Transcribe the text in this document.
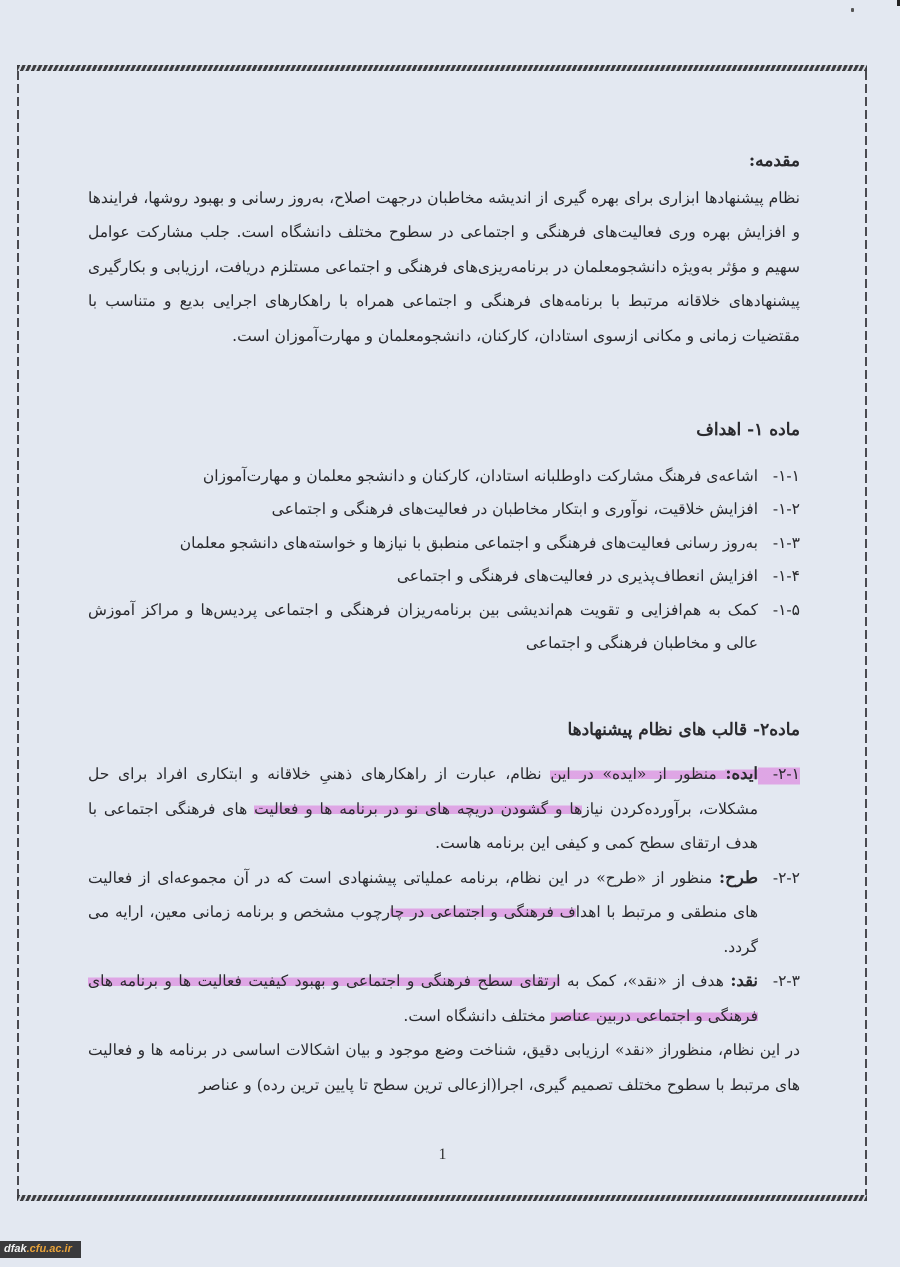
مقدمه:

نظام پیشنهادها ابزاری برای بهره گیری از اندیشه مخاطبان درجهت اصلاح، به‌روز رسانی و بهبود روشها، فرایندها و افزایش بهره وری فعالیت‌های فرهنگی و اجتماعی در سطوح مختلف دانشگاه است. جلب مشارکت عوامل سهیم و مؤثر به‌ویژه دانشجومعلمان در برنامه‌ریزی‌های فرهنگی و اجتماعی مستلزم دریافت، ارزیابی و بکارگیری پیشنهادهای خلاقانه مرتبط با برنامه‌های فرهنگی و اجتماعی همراه با راهکارهای اجرایی بدیع و متناسب با مقتضیات زمانی و مکانی ازسوی استادان، کارکنان، دانشجومعلمان و مهارت‌آموزان است.

ماده ۱- اهداف
۱-۱-
اشاعه‌ی فرهنگ مشارکت داوطلبانه استادان، کارکنان و دانشجو معلمان و مهارت‌آموزان
۱-۲-
افزایش خلاقیت، نوآوری و ابتکار مخاطبان در فعالیت‌های فرهنگی و اجتماعی
۱-۳-
به‌روز رسانی فعالیت‌های فرهنگی و اجتماعی منطبق با نیازها و خواسته‌های دانشجو معلمان
۱-۴-
افزایش انعطاف‌پذیری در فعالیت‌های فرهنگی و اجتماعی
۱-۵-
کمک به هم‌افزایی و تقویت هم‌اندیشی بین برنامه‌ریزان فرهنگی و اجتماعی پردیس‌ها و مراکز آموزش عالی و مخاطبان فرهنگی و اجتماعی
ماده۲- قالب های نظام پیشنهادها
۲-۱-
ایده: منظور از «ایده» در این نظام، عبارت از راهکارهای ذهنیِ خلاقانه و ابتکاری افراد برای حل مشکلات، برآورده‌کردن نیازها و گشودن دریچه های نو در برنامه ها و فعالیت های فرهنگی اجتماعی با هدف ارتقای سطح کمی و کیفی این برنامه هاست.
۲-۲-
طرح: منظور از «طرح» در این نظام، برنامه عملیاتی پیشنهادی است که در آن مجموعه‌ای از فعالیت های منطقی و مرتبط با اهداف فرهنگی و اجتماعی در چارچوب مشخص و برنامه زمانی معین، ارایه می گردد.
۲-۳-
نقد: هدف از «نقد»، کمک به ارتقای سطح فرهنگی و اجتماعی و بهبود کیفیت فعالیت ها و برنامه های فرهنگی و اجتماعی دربین عناصر مختلف دانشگاه است.

در این نظام، منظوراز «نقد» ارزیابی دقیق، شناخت وضع موجود و بیان اشکالات اساسی در برنامه ها و فعالیت های مرتبط با سطوح مختلف تصمیم گیری، اجرا(ازعالی ترین سطح تا پایین ترین رده) و عناصر

1
dfak.cfu.ac.ir
